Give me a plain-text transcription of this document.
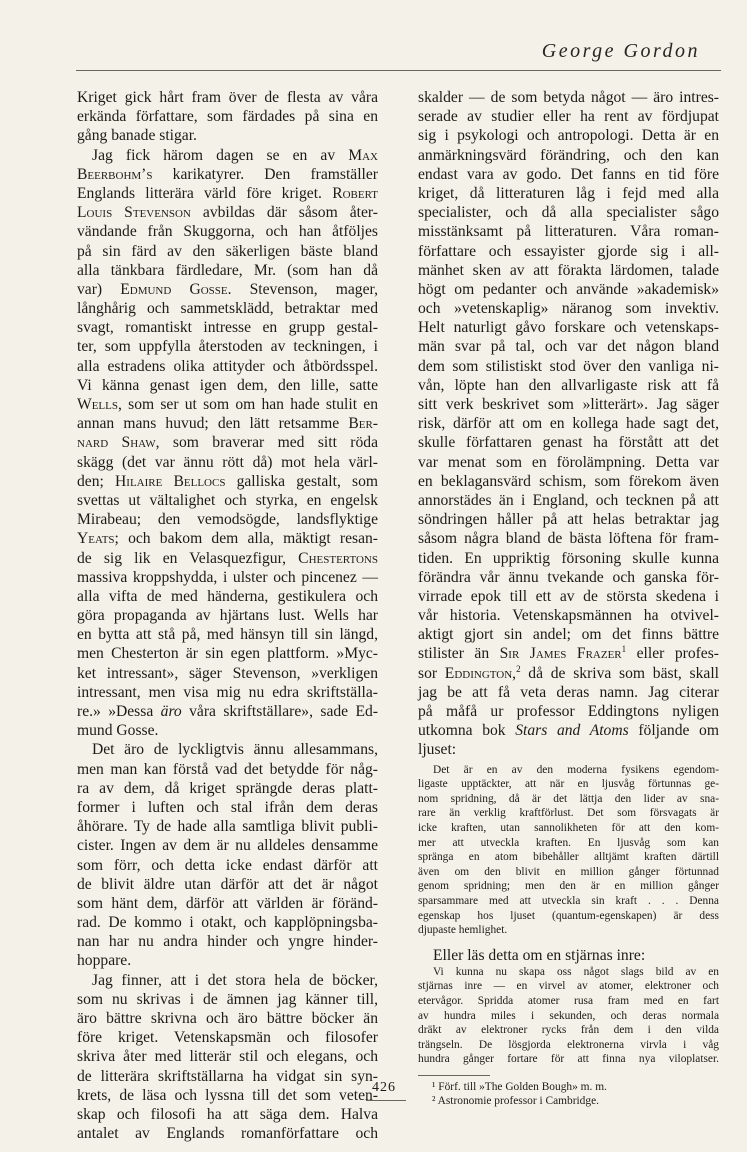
George Gordon
Kriget gick hårt fram över de flesta av våra
erkända författare, som färdades på sina en
gång banade stigar.
Jag fick härom dagen se en av Max
Beerbohm’s karikatyrer. Den framställer
Englands litterära värld före kriget. Robert
Louis Stevenson avbildas där såsom åter-
vändande från Skuggorna, och han åtföljes
på sin färd av den säkerligen bäste bland
alla tänkbara färdledare, Mr. (som han då
var) Edmund Gosse. Stevenson, mager,
långhårig och sammetsklädd, betraktar med
svagt, romantiskt intresse en grupp gestal-
ter, som uppfylla återstoden av teckningen, i
alla estradens olika attityder och åtbördsspel.
Vi känna genast igen dem, den lille, satte
Wells, som ser ut som om han hade stulit en
annan mans huvud; den lätt retsamme Ber-
nard Shaw, som braverar med sitt röda
skägg (det var ännu rött då) mot hela värl-
den; Hilaire Bellocs galliska gestalt, som
svettas ut vältalighet och styrka, en engelsk
Mirabeau; den vemodsögde, landsflyktige
Yeats; och bakom dem alla, mäktigt resan-
de sig lik en Velasquezfigur, Chestertons
massiva kroppshydda, i ulster och pincenez —
alla vifta de med händerna, gestikulera och
göra propaganda av hjärtans lust. Wells har
en bytta att stå på, med hänsyn till sin längd,
men Chesterton är sin egen plattform. »Myc-
ket intressant», säger Stevenson, »verkligen
intressant, men visa mig nu edra skriftställa-
re.» »Dessa äro våra skriftställare», sade Ed-
mund Gosse.
Det äro de lyckligtvis ännu allesammans,
men man kan förstå vad det betydde för någ-
ra av dem, då kriget sprängde deras platt-
former i luften och stal ifrån dem deras
åhörare. Ty de hade alla samtliga blivit publi-
cister. Ingen av dem är nu alldeles densamme
som förr, och detta icke endast därför att
de blivit äldre utan därför att det är något
som hänt dem, därför att världen är föränd-
rad. De kommo i otakt, och kapplöpningsba-
nan har nu andra hinder och yngre hinder-
hoppare.
Jag finner, att i det stora hela de böcker,
som nu skrivas i de ämnen jag känner till,
äro bättre skrivna och äro bättre böcker än
före kriget. Vetenskapsmän och filosofer
skriva åter med litterär stil och elegans, och
de litterära skriftställarna ha vidgat sin syn-
krets, de läsa och lyssna till det som veten-
skap och filosofi ha att säga dem. Halva
antalet av Englands romanförfattare och
skalder — de som betyda något — äro intres-
serade av studier eller ha rent av fördjupat
sig i psykologi och antropologi. Detta är en
anmärkningsvärd förändring, och den kan
endast vara av godo. Det fanns en tid före
kriget, då litteraturen låg i fejd med alla
specialister, och då alla specialister sågo
misstänksamt på litteraturen. Våra roman-
författare och essayister gjorde sig i all-
mänhet sken av att förakta lärdomen, talade
högt om pedanter och använde »akademisk»
och »vetenskaplig» näranog som invektiv.
Helt naturligt gåvo forskare och vetenskaps-
män svar på tal, och var det någon bland
dem som stilistiskt stod över den vanliga ni-
vån, löpte han den allvarligaste risk att få
sitt verk beskrivet som »litterärt». Jag säger
risk, därför att om en kollega hade sagt det,
skulle författaren genast ha förstått att det
var menat som en förolämpning. Detta var
en beklagansvärd schism, som förekom även
annorstädes än i England, och tecknen på att
söndringen håller på att helas betraktar jag
såsom några bland de bästa löftena för fram-
tiden. En uppriktig försoning skulle kunna
förändra vår ännu tvekande och ganska för-
virrade epok till ett av de största skedena i
vår historia. Vetenskapsmännen ha otvivel-
aktigt gjort sin andel; om det finns bättre
stilister än Sir James Frazer$^1$ eller profes-
sor Eddington,$^2$ då de skriva som bäst, skall
jag be att få veta deras namn. Jag citerar
på måfå ur professor Eddingtons nyligen
utkomna bok Stars and Atoms följande om
ljuset:
Det är en av den moderna fysikens egendom-
ligaste upptäckter, att när en ljusvåg förtunnas ge-
nom spridning, då är det lättja den lider av sna-
rare än verklig kraftförlust. Det som försvagats är
icke kraften, utan sannolikheten för att den kom-
mer att utveckla kraften. En ljusvåg som kan
spränga en atom bibehåller alltjämt kraften därtill
även om den blivit en million gånger förtunnad
genom spridning; men den är en million gånger
sparsammare med att utveckla sin kraft . . . Denna
egenskap hos ljuset (quantum-egenskapen) är dess
djupaste hemlighet.
Eller läs detta om en stjärnas inre:
Vi kunna nu skapa oss något slags bild av en
stjärnas inre — en virvel av atomer, elektroner och
etervågor. Spridda atomer rusa fram med en fart
av hundra miles i sekunden, och deras normala
dräkt av elektroner rycks från dem i den vilda
trängseln. De lösgjorda elektronerna virvla i våg
hundra gånger fortare för att finna nya viloplatser.
¹ Förf. till »The Golden Bough» m. m.
² Astronomie professor i Cambridge.
426
